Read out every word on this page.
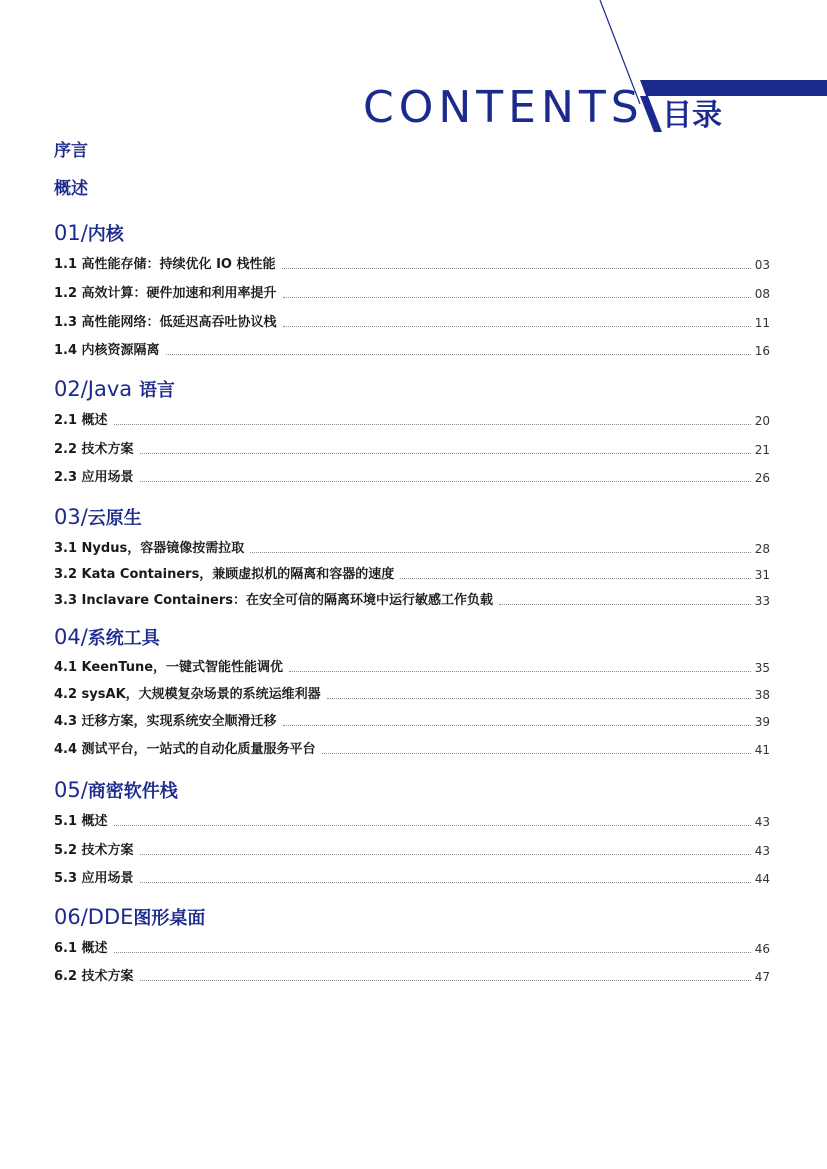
CONTENTS 目录
序言
概述
01/内核
1.1 高性能存储：持续优化 IO 栈性能	03
1.2 高效计算：硬件加速和利用率提升	08
1.3 高性能网络：低延迟高吞吐协议栈	11
1.4 内核资源隔离	16
02/Java 语言
2.1 概述	20
2.2 技术方案	21
2.3 应用场景	26
03/云原生
3.1 Nydus，容器镜像按需拉取	28
3.2 Kata Containers，兼顾虚拟机的隔离和容器的速度	31
3.3 Inclavare Containers：在安全可信的隔离环境中运行敏感工作负载	33
04/系统工具
4.1 KeenTune，一键式智能性能调优	35
4.2 sysAK，大规模复杂场景的系统运维利器	38
4.3 迁移方案，实现系统安全顺滑迁移	39
4.4 测试平台，一站式的自动化质量服务平台	41
05/商密软件栈
5.1 概述	43
5.2 技术方案	43
5.3 应用场景	44
06/DDE图形桌面
6.1 概述	46
6.2 技术方案	47
